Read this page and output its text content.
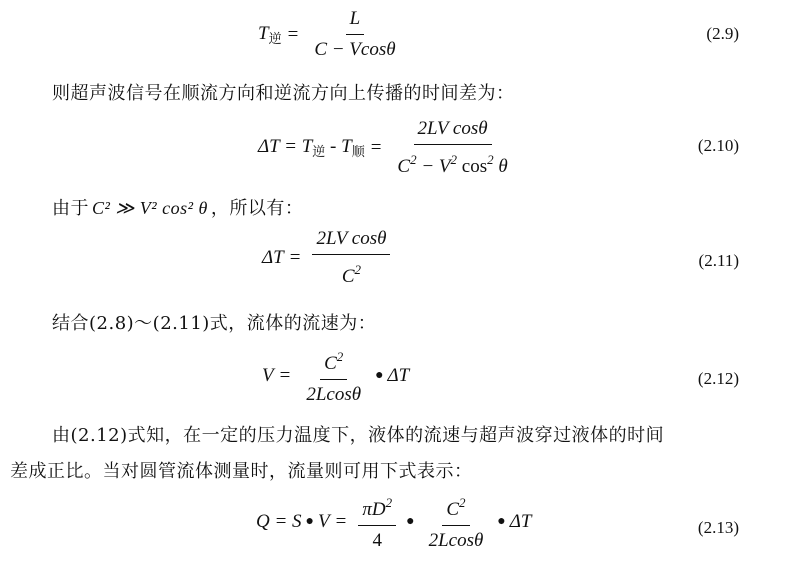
$T_逆 = \frac{L}{C - Vcos\theta}$	(2.9)
则超声波信号在顺流方向和逆流方向上传播的时间差为：
$\Delta T = T_逆 - T_顺 = \frac{\text{2LV cosθ}}{C^2 - V^2 \cos^2 \theta}$	(2.10)
由于 C² ≫ V² cos² θ ，所以有：
$\Delta T = \frac{\text{2LV cosθ}}{C^2}$	(2.11)
结合(2.8)～(2.11)式，流体的流速为：
$V = \frac{C^2}{2Lcos\theta}$ ● ΔT	(2.12)
由(2.12)式知，在一定的压力温度下，液体的流速与超声波穿过液体的时间
差成正比。当对圆管流体测量时，流量则可用下式表示：
Q = S ● $V = \frac{\pi D^2}{4}$ ● $\frac{C^2}{2Lcos\theta}$ ● ΔT	(2.13)
